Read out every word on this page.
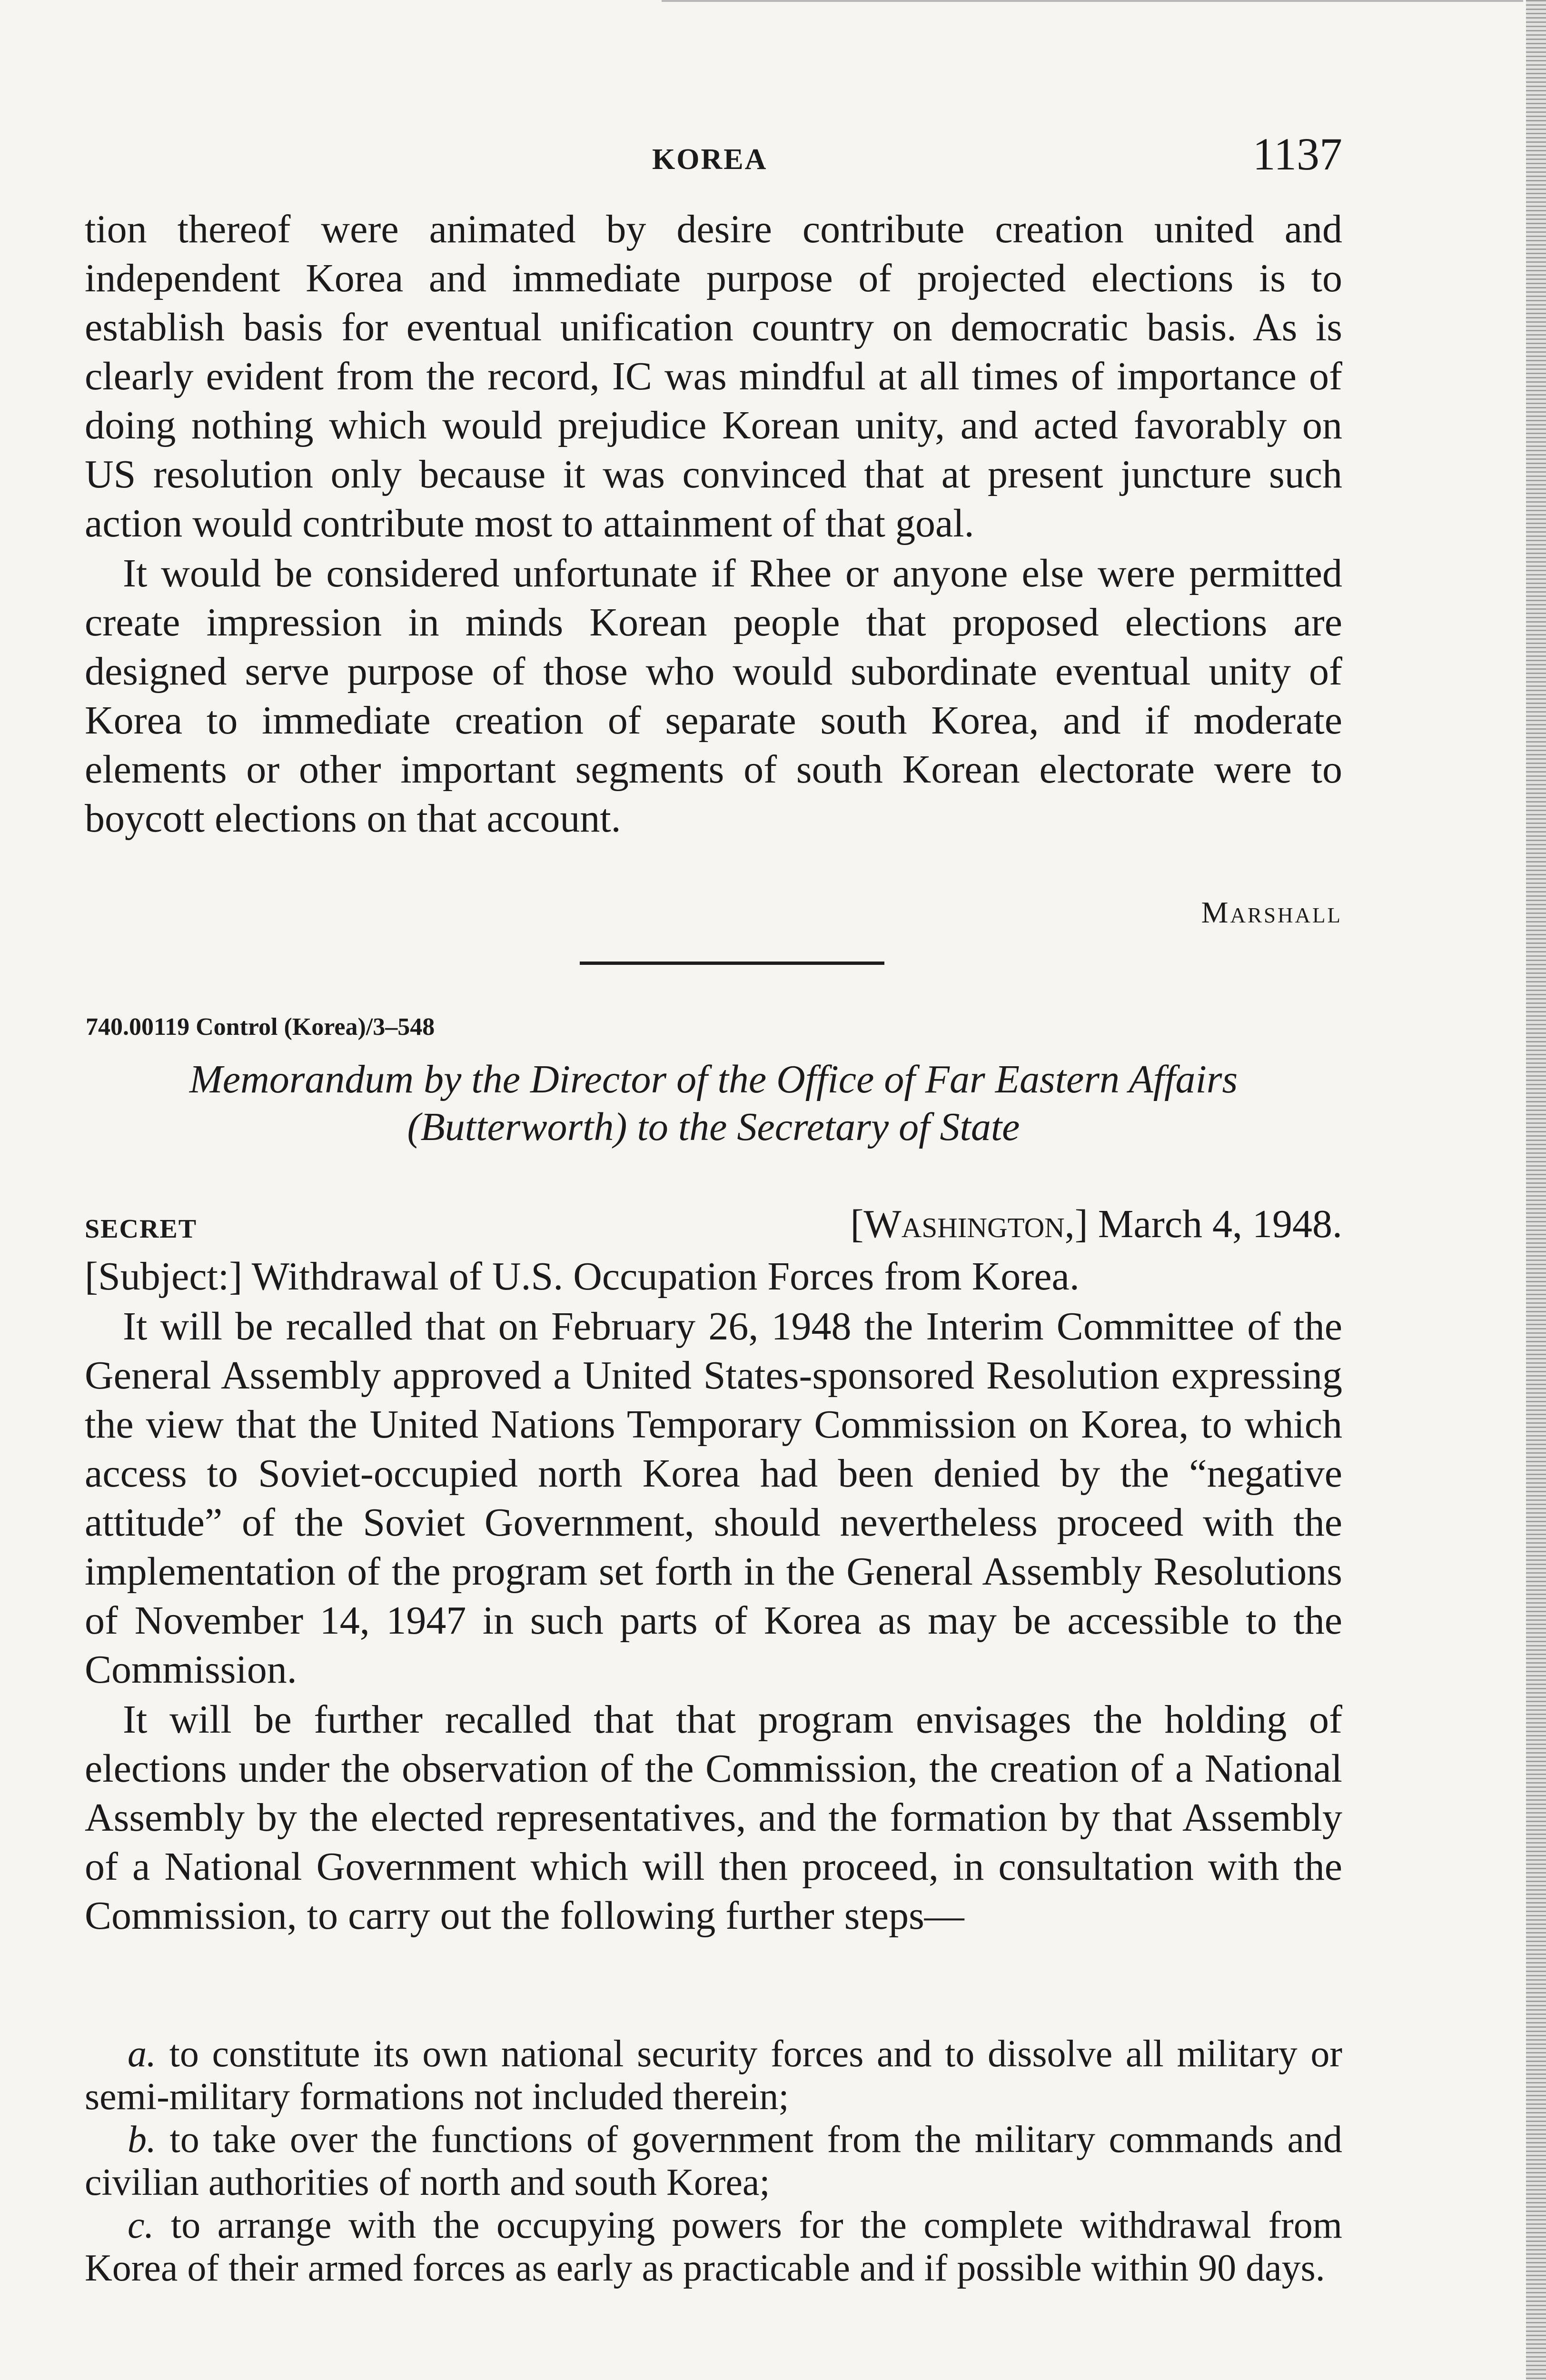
KOREA	1137

tion thereof were animated by desire contribute creation united and independent Korea and immediate purpose of projected elections is to establish basis for eventual unification country on democratic basis. As is clearly evident from the record, IC was mindful at all times of importance of doing nothing which would prejudice Korean unity, and acted favorably on US resolution only because it was convinced that at present juncture such action would contribute most to attainment of that goal.

It would be considered unfortunate if Rhee or anyone else were permitted create impression in minds Korean people that proposed elections are designed serve purpose of those who would subordinate eventual unity of Korea to immediate creation of separate south Korea, and if moderate elements or other important segments of south Korean electorate were to boycott elections on that account.

Marshall
740.00119 Control (Korea)/3–548
Memorandum by the Director of the Office of Far Eastern Affairs
(Butterworth) to the Secretary of State
SECRET	[Washington,] March 4, 1948.

[Subject:] Withdrawal of U.S. Occupation Forces from Korea.

It will be recalled that on February 26, 1948 the Interim Committee of the General Assembly approved a United States-sponsored Resolution expressing the view that the United Nations Temporary Commission on Korea, to which access to Soviet-occupied north Korea had been denied by the “negative attitude” of the Soviet Government, should nevertheless proceed with the implementation of the program set forth in the General Assembly Resolutions of November 14, 1947 in such parts of Korea as may be accessible to the Commission.

It will be further recalled that that program envisages the holding of elections under the observation of the Commission, the creation of a National Assembly by the elected representatives, and the formation by that Assembly of a National Government which will then proceed, in consultation with the Commission, to carry out the following further steps—

a. to constitute its own national security forces and to dissolve all military or semi-military formations not included therein;

b. to take over the functions of government from the military commands and civilian authorities of north and south Korea;

c. to arrange with the occupying powers for the complete withdrawal from Korea of their armed forces as early as practicable and if possible within 90 days.
